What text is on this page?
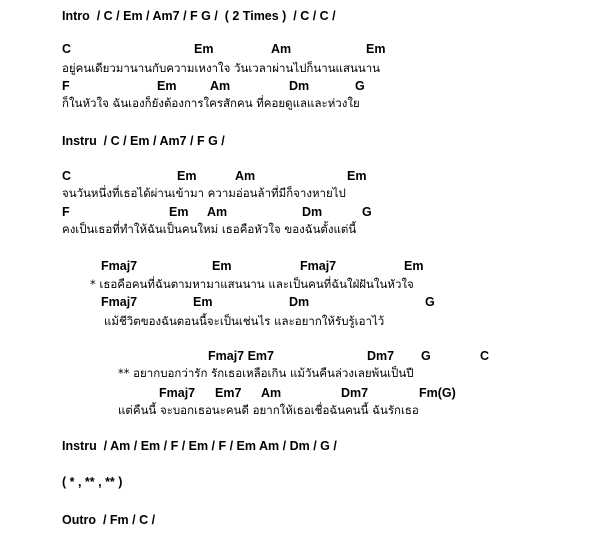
Intro  / C / Em / Am7 / F G /  ( 2 Times )  / C / C /
C	Em	Am	Em
อยู่คนเดียวมานานกับความเหงาใจ วันเวลาผ่านไปก็นานแสนนาน
F	Em	Am	Dm	G
ก็ในหัวใจ ฉันเองก็ยังต้องการใครสักคน ที่คอยดูแลและห่วงใย
Instru  / C / Em / Am7 / F G /
C	Em	Am	Em
จนวันหนึ่งที่เธอได้ผ่านเข้ามา ความอ่อนล้าที่มีก็จางหายไป
F	Em Am	Dm	G
คงเป็นเธอที่ทำให้ฉันเป็นคนใหม่ เธอคือหัวใจ ของฉันตั้งแต่นี้
Fmaj7	Em	Fmaj7	Em
* เธอคือคนที่ฉันตามหามาแสนนาน และเป็นคนที่ฉันใฝ่ฝันในหัวใจ
Fmaj7	Em	Dm	G
แม้ชีวิตของฉันตอนนี้จะเป็นเช่นไร และอยากให้รับรู้เอาไว้
Fmaj7 Em7	Dm7 G	C
** อยากบอกว่ารัก รักเธอเหลือเกิน แม้วันคืนล่วงเลยพ้นเป็นปี
Fmaj7 Em7 Am	Dm7	Fm(G)
แต่คืนนี้ จะบอกเธอนะคนดี อยากให้เธอเชื่อฉันคนนี้ ฉันรักเธอ
Instru  / Am / Em / F / Em / F / Em Am / Dm / G /
( * , ** , ** )
Outro  / Fm / C /
